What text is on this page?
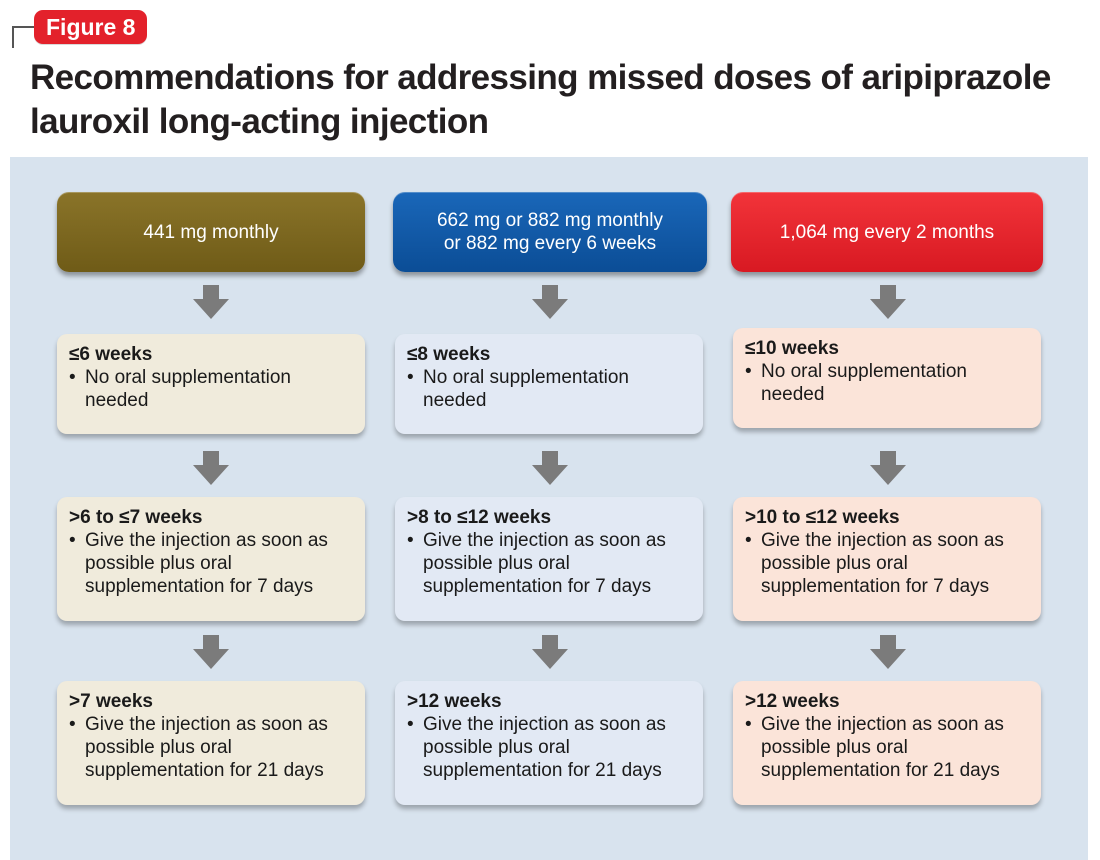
Figure 8
Recommendations for addressing missed doses of aripiprazole lauroxil long-acting injection
441 mg monthly
662 mg or 882 mg monthly
or 882 mg every 6 weeks
1,064 mg every 2 months
≤6 weeks
• No oral supplementation needed
>6 to ≤7 weeks
• Give the injection as soon as possible plus oral supplementation for 7 days
>7 weeks
• Give the injection as soon as possible plus oral supplementation for 21 days
≤8 weeks
• No oral supplementation needed
>8 to ≤12 weeks
• Give the injection as soon as possible plus oral supplementation for 7 days
>12 weeks
• Give the injection as soon as possible plus oral supplementation for 21 days
≤10 weeks
• No oral supplementation needed
>10 to ≤12 weeks
• Give the injection as soon as possible plus oral supplementation for 7 days
>12 weeks
• Give the injection as soon as possible plus oral supplementation for 21 days
